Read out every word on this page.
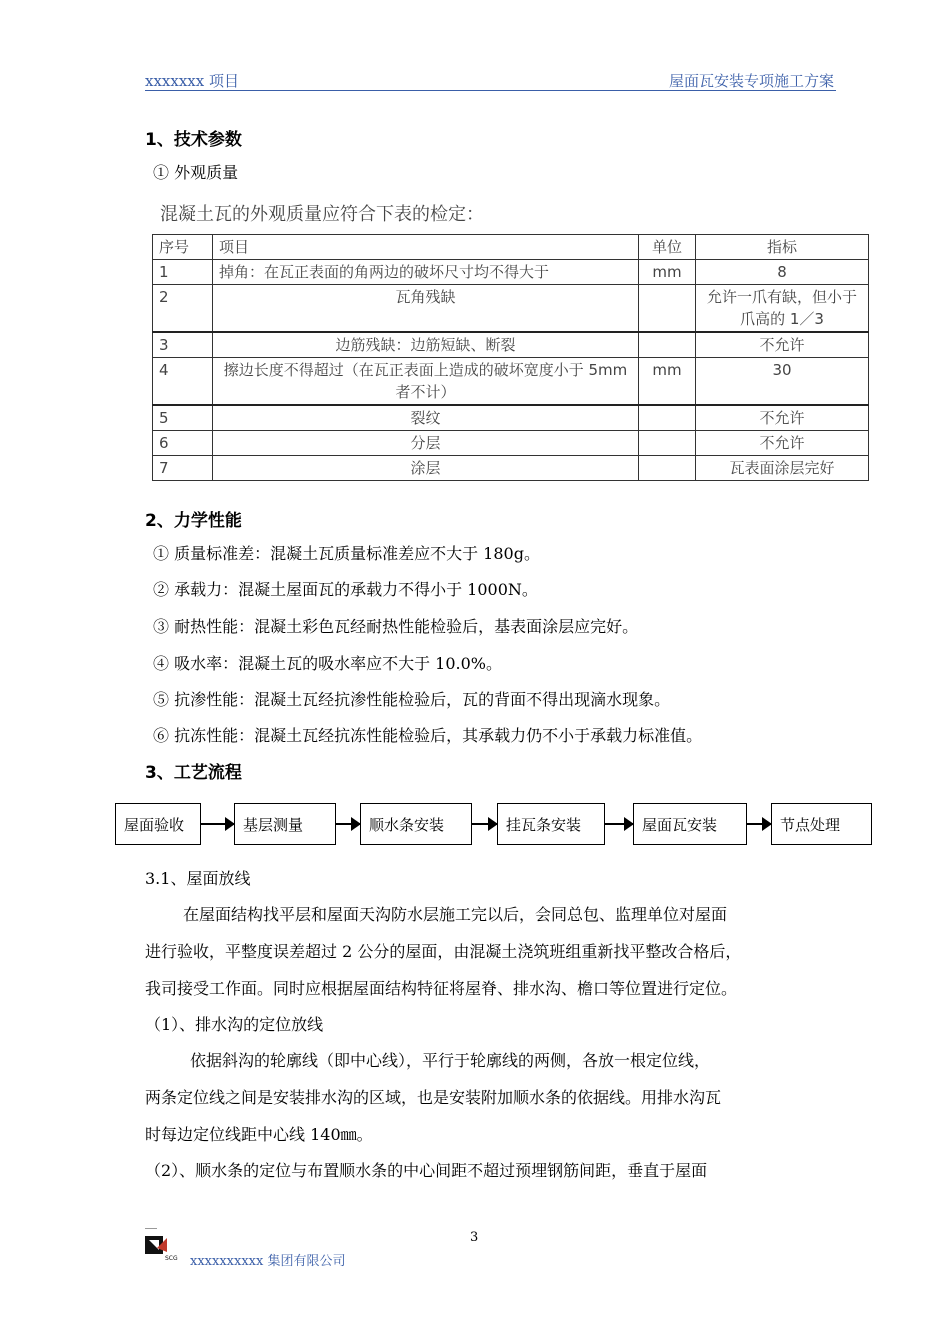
xxxxxxx 项目	屋面瓦安装专项施工方案
1、技术参数
① 外观质量
混凝土瓦的外观质量应符合下表的检定：
序号	项目	单位	指标
1	掉角：在瓦正表面的角两边的破坏尺寸均不得大于	mm	8
2	瓦角残缺		允许一爪有缺，但小于爪高的 1／3
3	边筋残缺：边筋短缺、断裂		不允许
4	擦边长度不得超过（在瓦正表面上造成的破坏宽度小于 5mm 者不计）	mm	30
5	裂纹		不允许
6	分层		不允许
7	涂层		瓦表面涂层完好
2、力学性能
① 质量标准差：混凝土瓦质量标准差应不大于 180g。
② 承载力：混凝土屋面瓦的承载力不得小于 1000N。
③ 耐热性能：混凝土彩色瓦经耐热性能检验后，基表面涂层应完好。
④ 吸水率：混凝土瓦的吸水率应不大于 10.0%。
⑤ 抗渗性能：混凝土瓦经抗渗性能检验后，瓦的背面不得出现滴水现象。
⑥ 抗冻性能：混凝土瓦经抗冻性能检验后，其承载力仍不小于承载力标准值。
3、工艺流程
屋面验收	基层测量	顺水条安装	挂瓦条安装	屋面瓦安装	节点处理
3.1、屋面放线
在屋面结构找平层和屋面天沟防水层施工完以后，会同总包、监理单位对屋面
进行验收，平整度误差超过 2 公分的屋面，由混凝土浇筑班组重新找平整改合格后，
我司接受工作面。同时应根据屋面结构特征将屋脊、排水沟、檐口等位置进行定位。
（1）、排水沟的定位放线
依据斜沟的轮廓线（即中心线），平行于轮廓线的两侧，各放一根定位线，
两条定位线之间是安装排水沟的区域，也是安装附加顺水条的依据线。用排水沟瓦
时每边定位线距中心线 140㎜。
（2）、顺水条的定位与布置顺水条的中心间距不超过预埋钢筋间距，垂直于屋面
3
SCG xxxxxxxxxx 集团有限公司
